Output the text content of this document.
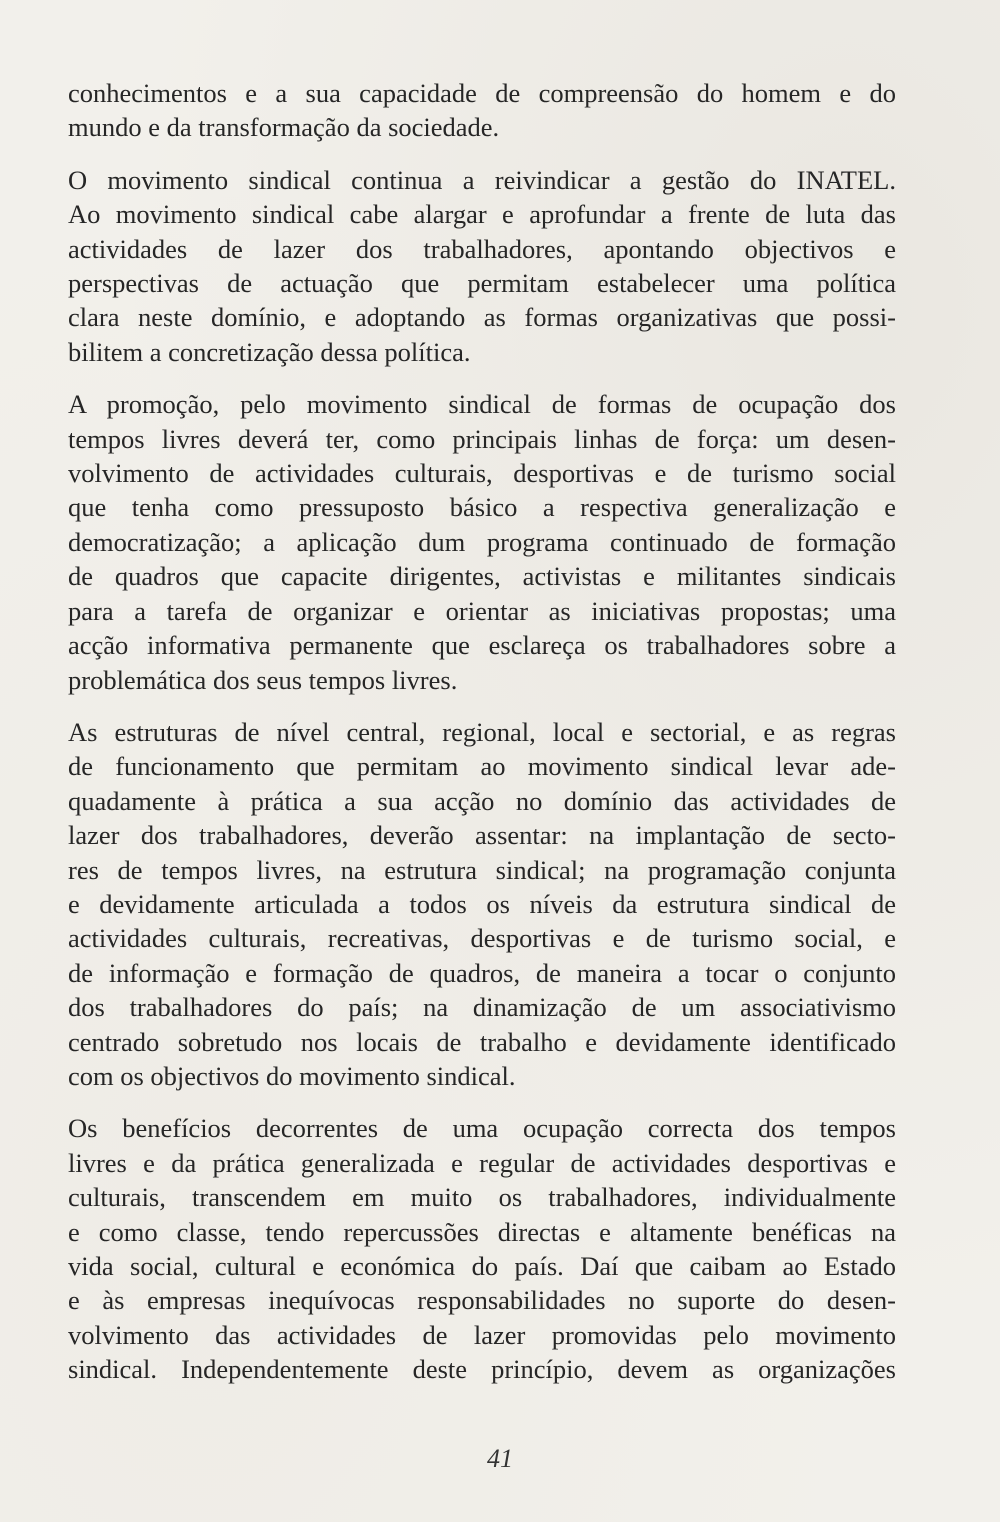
conhecimentos e a sua capacidade de compreensão do homem e do
mundo e da transformação da sociedade.

O movimento sindical continua a reivindicar a gestão do INATEL.
Ao movimento sindical cabe alargar e aprofundar a frente de luta das
actividades de lazer dos trabalhadores, apontando objectivos e
perspectivas de actuação que permitam estabelecer uma política
clara neste domínio, e adoptando as formas organizativas que possi-
bilitem a concretização dessa política.

A promoção, pelo movimento sindical de formas de ocupação dos
tempos livres deverá ter, como principais linhas de força: um desen-
volvimento de actividades culturais, desportivas e de turismo social
que tenha como pressuposto básico a respectiva generalização e
democratização; a aplicação dum programa continuado de formação
de quadros que capacite dirigentes, activistas e militantes sindicais
para a tarefa de organizar e orientar as iniciativas propostas; uma
acção informativa permanente que esclareça os trabalhadores sobre a
problemática dos seus tempos livres.

As estruturas de nível central, regional, local e sectorial, e as regras
de funcionamento que permitam ao movimento sindical levar ade-
quadamente à prática a sua acção no domínio das actividades de
lazer dos trabalhadores, deverão assentar: na implantação de secto-
res de tempos livres, na estrutura sindical; na programação conjunta
e devidamente articulada a todos os níveis da estrutura sindical de
actividades culturais, recreativas, desportivas e de turismo social, e
de informação e formação de quadros, de maneira a tocar o conjunto
dos trabalhadores do país; na dinamização de um associativismo
centrado sobretudo nos locais de trabalho e devidamente identificado
com os objectivos do movimento sindical.

Os benefícios decorrentes de uma ocupação correcta dos tempos
livres e da prática generalizada e regular de actividades desportivas e
culturais, transcendem em muito os trabalhadores, individualmente
e como classe, tendo repercussões directas e altamente benéficas na
vida social, cultural e económica do país. Daí que caibam ao Estado
e às empresas inequívocas responsabilidades no suporte do desen-
volvimento das actividades de lazer promovidas pelo movimento
sindical. Independentemente deste princípio, devem as organizações

41
